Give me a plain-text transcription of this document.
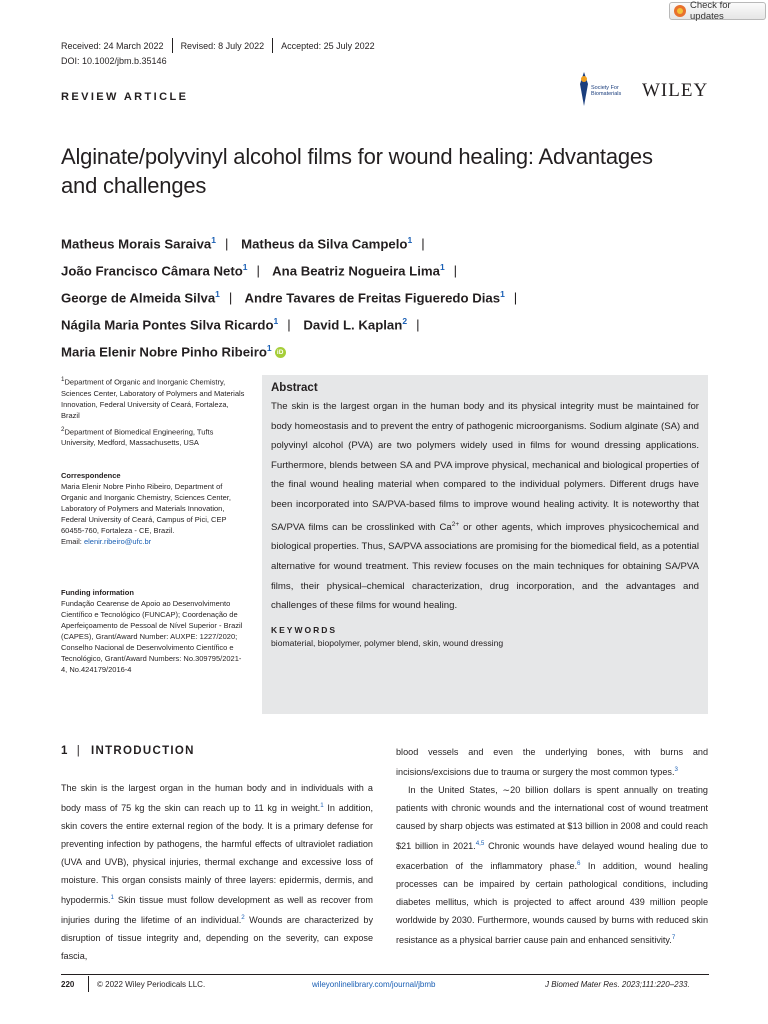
Check for updates
Received: 24 March 2022 Revised: 8 July 2022 Accepted: 25 July 2022
DOI: 10.1002/jbm.b.35146
REVIEW ARTICLE
Society For Biomaterials	WILEY
Alginate/polyvinyl alcohol films for wound healing: Advantages
and challenges
Matheus Morais Saraiva$^1$ | Matheus da Silva Campelo$^1$ |
João Francisco Câmara Neto$^1$ | Ana Beatriz Nogueira Lima$^1$ |
George de Almeida Silva$^1$ | Andre Tavares de Freitas Figueredo Dias$^1$ |
Nágila Maria Pontes Silva Ricardo$^1$ | David L. Kaplan$^2$ |
Maria Elenir Nobre Pinho Ribeiro$^1$ iD
$^1$Department of Organic and Inorganic Chemistry, Sciences Center, Laboratory of Polymers and Materials Innovation, Federal University of Ceará, Fortaleza, Brazil
$^2$Department of Biomedical Engineering, Tufts University, Medford, Massachusetts, USA
Correspondence
Maria Elenir Nobre Pinho Ribeiro, Department of Organic and Inorganic Chemistry, Sciences Center, Laboratory of Polymers and Materials Innovation, Federal University of Ceará, Campus of Pici, CEP 60455-760, Fortaleza - CE, Brazil.
Email: elenir.ribeiro@ufc.br
Funding information
Fundação Cearense de Apoio ao Desenvolvimento Científico e Tecnológico (FUNCAP); Coordenação de Aperfeiçoamento de Pessoal de Nível Superior - Brazil (CAPES), Grant/Award Number: AUXPE: 1227/2020; Conselho Nacional de Desenvolvimento Científico e Tecnológico, Grant/Award Numbers: No.309795/2021-4, No.424179/2016-4
Abstract
The skin is the largest organ in the human body and its physical integrity must be maintained for body homeostasis and to prevent the entry of pathogenic microorganisms. Sodium alginate (SA) and polyvinyl alcohol (PVA) are two polymers widely used in films for wound dressing applications. Furthermore, blends between SA and PVA improve physical, mechanical and biological properties of the final wound healing material when compared to the individual polymers. Different drugs have been incorporated into SA/PVA-based films to improve wound healing activity. It is noteworthy that SA/PVA films can be crosslinked with $Ca^{2+}$ or other agents, which improves physicochemical and biological properties. Thus, SA/PVA associations are promising for the biomedical field, as a potential alternative for wound treatment. This review focuses on the main techniques for obtaining SA/PVA films, their physical–chemical characterization, drug incorporation, and the advantages and challenges of these films for wound healing.
KEYWORDS
biomaterial, biopolymer, polymer blend, skin, wound dressing
1 | INTRODUCTION

The skin is the largest organ in the human body and in individuals with a body mass of 75 kg the skin can reach up to 11 kg in weight.$^1$ In addition, skin covers the entire external region of the body. It is a primary defense for preventing infection by pathogens, the harmful effects of ultraviolet radiation (UVA and UVB), physical injuries, thermal exchange and excessive loss of moisture. This organ consists mainly of three layers: epidermis, dermis, and hypodermis.$^1$ Skin tissue must follow development as well as recover from injuries during the lifetime of an individual.$^2$ Wounds are characterized by disruption of tissue integrity and, depending on the severity, can expose fascia,

blood vessels and even the underlying bones, with burns and incisions/excisions due to trauma or surgery the most common types.$^3$

In the United States, ∼20 billion dollars is spent annually on treating patients with chronic wounds and the international cost of wound treatment caused by sharp objects was estimated at $13 billion in 2008 and could reach $21 billion in 2021.$^{4,5}$ Chronic wounds have delayed wound healing due to exacerbation of the inflammatory phase.$^6$ In addition, wound healing processes can be impaired by certain pathological conditions, including diabetes mellitus, which is projected to affect around 439 million people worldwide by 2030. Furthermore, wounds caused by burns with reduced skin resistance as a physical barrier cause pain and enhanced sensitivity.$^7$

220	© 2022 Wiley Periodicals LLC.	wileyonlinelibrary.com/journal/jbmb	J Biomed Mater Res. 2023;111:220–233.
